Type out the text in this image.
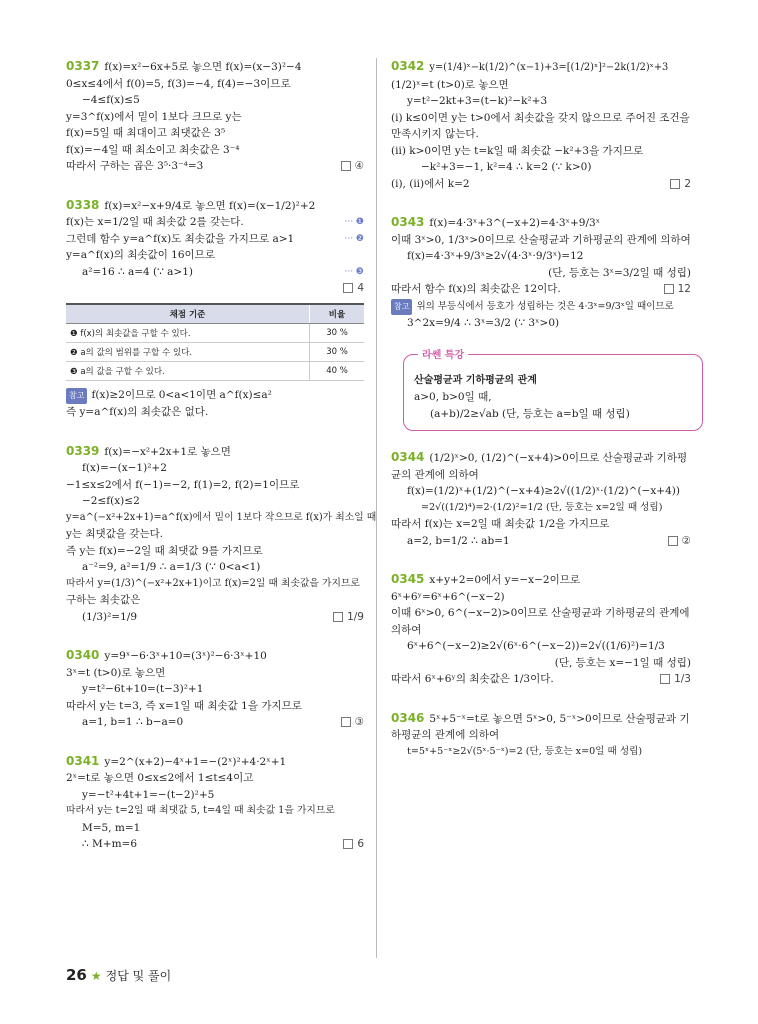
0337 f(x)=x²−6x+5로 놓으면 f(x)=(x−3)²−4
0≤x≤4에서 f(0)=5, f(3)=−4, f(4)=−3이므로
−4≤f(x)≤5
y=3^f(x)에서 밑이 1보다 크므로 y는
f(x)=5일 때 최대이고 최댓값은 3⁵
f(x)=−4일 때 최소이고 최솟값은 3⁻⁴
따라서 구하는 곱은 3⁵·3⁻⁴=3	④
0338 f(x)=x²−x+9/4로 놓으면 f(x)=(x−1/2)²+2
f(x)는 x=1/2일 때 최솟값 2를 갖는다.	··· ❶
그런데 함수 y=a^f(x)도 최솟값을 가지므로 a>1	··· ❷
y=a^f(x)의 최솟값이 16이므로
a²=16 ∴ a=4 (∵ a>1)	··· ❸
4

채점 기준	비율
❶ f(x)의 최솟값을 구할 수 있다.	30 %
❷ a의 값의 범위를 구할 수 있다.	30 %
❸ a의 값을 구할 수 있다.	40 %
참고 f(x)≥2이므로 0<a<1이면 a^f(x)≤a²
즉 y=a^f(x)의 최솟값은 없다.
0339 f(x)=−x²+2x+1로 놓으면
f(x)=−(x−1)²+2
−1≤x≤2에서 f(−1)=−2, f(1)=2, f(2)=1이므로
−2≤f(x)≤2
y=a^(−x²+2x+1)=a^f(x)에서 밑이 1보다 작으므로 f(x)가 최소일 때
y는 최댓값을 갖는다.
즉 y는 f(x)=−2일 때 최댓값 9를 가지므로
a⁻²=9, a²=1/9 ∴ a=1/3 (∵ 0<a<1)
따라서 y=(1/3)^(−x²+2x+1)이고 f(x)=2일 때 최솟값을 가지므로
구하는 최솟값은
(1/3)²=1/9	1/9
0340 y=9ˣ−6·3ˣ+10=(3ˣ)²−6·3ˣ+10
3ˣ=t (t>0)로 놓으면
y=t²−6t+10=(t−3)²+1
따라서 y는 t=3, 즉 x=1일 때 최솟값 1을 가지므로
a=1, b=1 ∴ b−a=0	③
0341 y=2^(x+2)−4ˣ+1=−(2ˣ)²+4·2ˣ+1
2ˣ=t로 놓으면 0≤x≤2에서 1≤t≤4이고
y=−t²+4t+1=−(t−2)²+5
따라서 y는 t=2일 때 최댓값 5, t=4일 때 최솟값 1을 가지므로
M=5, m=1
∴ M+m=6	6
0342 y=(1/4)ˣ−k(1/2)^(x−1)+3=[(1/2)ˣ]²−2k(1/2)ˣ+3
(1/2)ˣ=t (t>0)로 놓으면
y=t²−2kt+3=(t−k)²−k²+3
(i) k≤0이면 y는 t>0에서 최솟값을 갖지 않으므로 주어진 조건을 만족시키지 않는다.
(ii) k>0이면 y는 t=k일 때 최솟값 −k²+3을 가지므로
−k²+3=−1, k²=4 ∴ k=2 (∵ k>0)
(i), (ii)에서 k=2	2
0343 f(x)=4·3ˣ+3^(−x+2)=4·3ˣ+9/3ˣ
이때 3ˣ>0, 1/3ˣ>0이므로 산술평균과 기하평균의 관계에 의하여
f(x)=4·3ˣ+9/3ˣ≥2√(4·3ˣ·9/3ˣ)=12
(단, 등호는 3ˣ=3/2일 때 성립)
따라서 함수 f(x)의 최솟값은 12이다.	12
참고 위의 부등식에서 등호가 성립하는 것은 4·3ˣ=9/3ˣ일 때이므로
3^2x=9/4 ∴ 3ˣ=3/2 (∵ 3ˣ>0)
라쎈 특강
산술평균과 기하평균의 관계
a>0, b>0일 때,
(a+b)/2≥√ab (단, 등호는 a=b일 때 성립)
0344 (1/2)ˣ>0, (1/2)^(−x+4)>0이므로 산술평균과 기하평균의 관계에 의하여
f(x)=(1/2)ˣ+(1/2)^(−x+4)≥2√((1/2)ˣ·(1/2)^(−x+4))
=2√((1/2)⁴)=2·(1/2)²=1/2 (단, 등호는 x=2일 때 성립)
따라서 f(x)는 x=2일 때 최솟값 1/2을 가지므로
a=2, b=1/2 ∴ ab=1	②
0345 x+y+2=0에서 y=−x−2이므로
6ˣ+6ʸ=6ˣ+6^(−x−2)
이때 6ˣ>0, 6^(−x−2)>0이므로 산술평균과 기하평균의 관계에 의하여
6ˣ+6^(−x−2)≥2√(6ˣ·6^(−x−2))=2√((1/6)²)=1/3
(단, 등호는 x=−1일 때 성립)
따라서 6ˣ+6ʸ의 최솟값은 1/3이다.	1/3
0346 5ˣ+5⁻ˣ=t로 놓으면 5ˣ>0, 5⁻ˣ>0이므로 산술평균과 기하평균의 관계에 의하여
t=5ˣ+5⁻ˣ≥2√(5ˣ·5⁻ˣ)=2 (단, 등호는 x=0일 때 성립)
26 ★ 정답 및 풀이
